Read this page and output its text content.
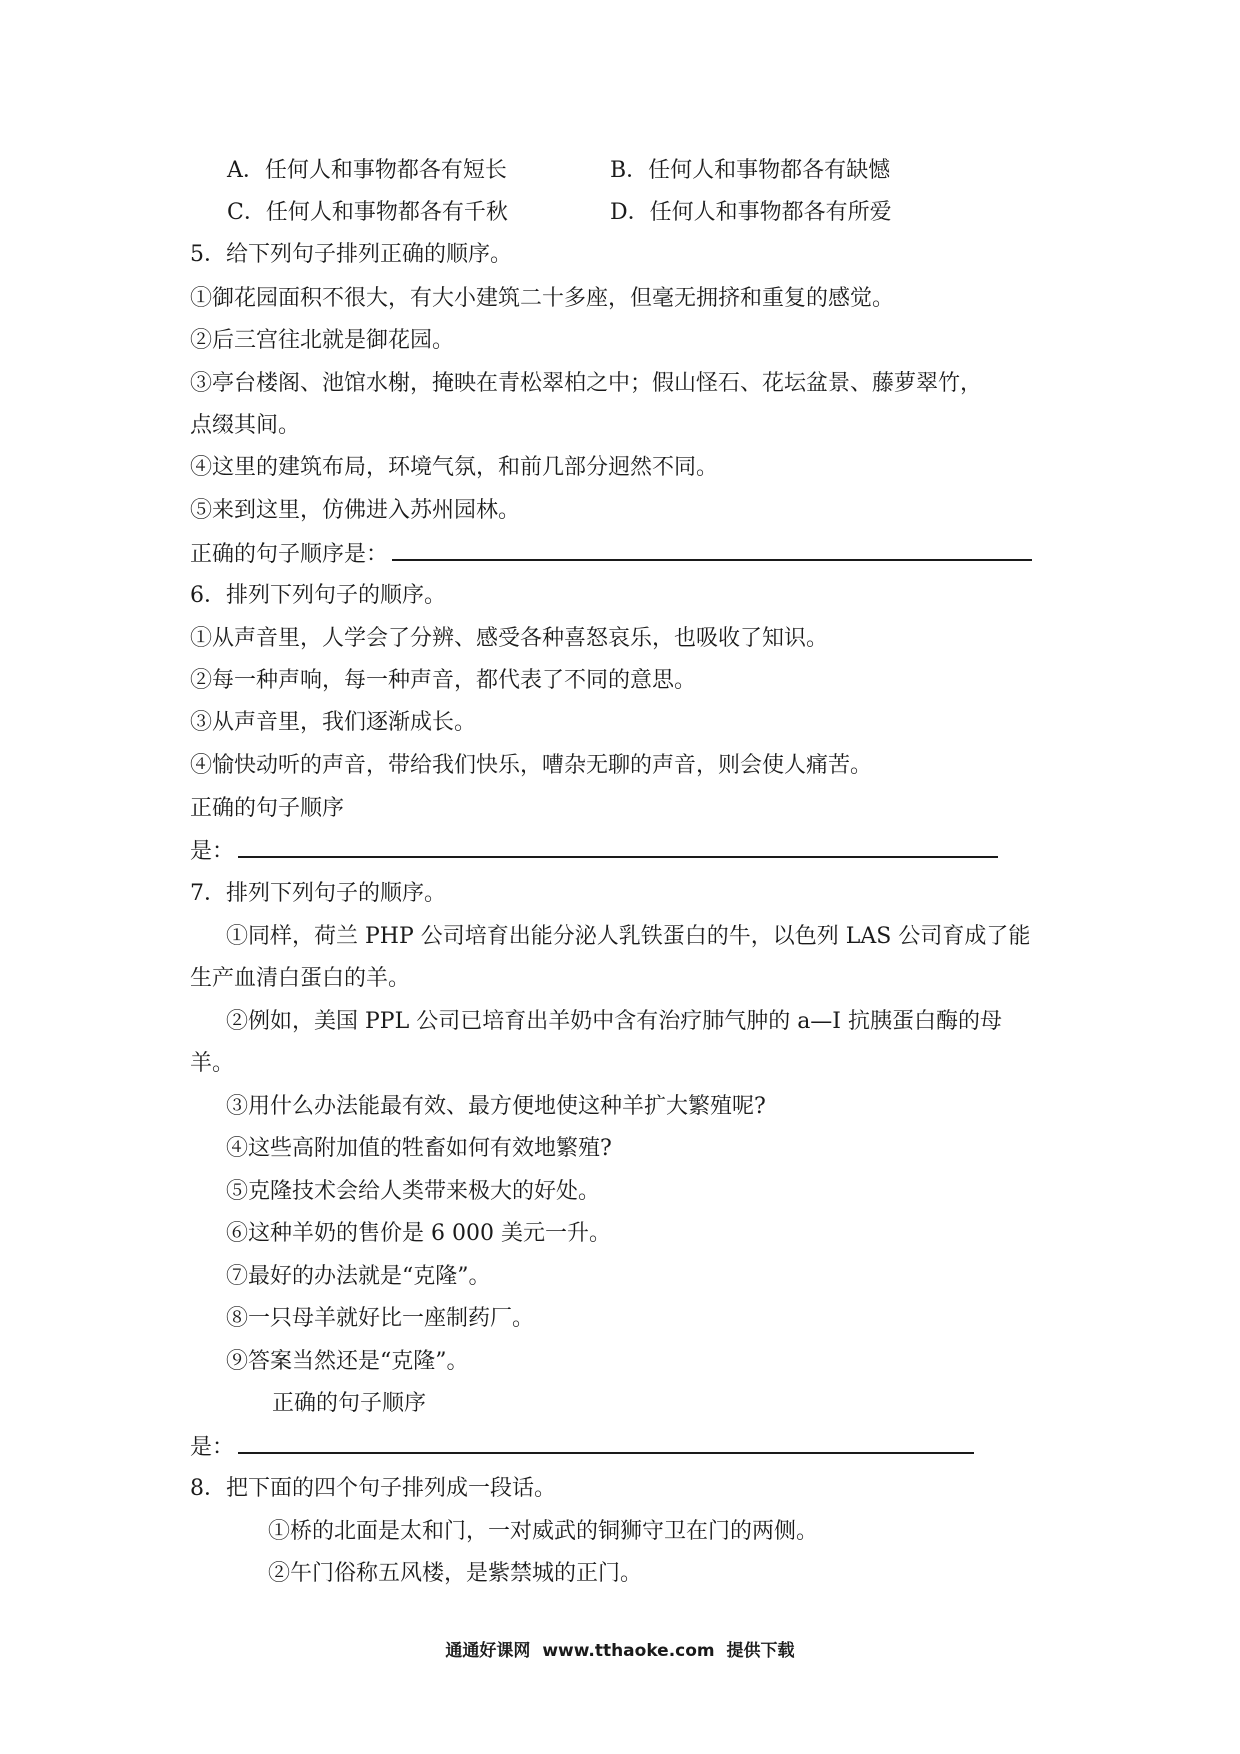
A．任何人和事物都各有短长	B．任何人和事物都各有缺憾
C．任何人和事物都各有千秋	D．任何人和事物都各有所爱
5．给下列句子排列正确的顺序。
①御花园面积不很大，有大小建筑二十多座，但毫无拥挤和重复的感觉。
②后三宫往北就是御花园。
③亭台楼阁、池馆水榭，掩映在青松翠柏之中；假山怪石、花坛盆景、藤萝翠竹，
点缀其间。
④这里的建筑布局，环境气氛，和前几部分迥然不同。
⑤来到这里，仿佛进入苏州园林。
正确的句子顺序是：
6．排列下列句子的顺序。
①从声音里，人学会了分辨、感受各种喜怒哀乐，也吸收了知识。
②每一种声响，每一种声音，都代表了不同的意思。
③从声音里，我们逐渐成长。
④愉快动听的声音，带给我们快乐，嘈杂无聊的声音，则会使人痛苦。
正确的句子顺序
是：
7．排列下列句子的顺序。
①同样，荷兰 PHP 公司培育出能分泌人乳铁蛋白的牛，以色列 LAS 公司育成了能
生产血清白蛋白的羊。
②例如，美国 PPL 公司已培育出羊奶中含有治疗肺气肿的 a—I 抗胰蛋白酶的母
羊。
③用什么办法能最有效、最方便地使这种羊扩大繁殖呢?
④这些高附加值的牲畜如何有效地繁殖?
⑤克隆技术会给人类带来极大的好处。
⑥这种羊奶的售价是 6 000 美元一升。
⑦最好的办法就是“克隆”。
⑧一只母羊就好比一座制药厂。
⑨答案当然还是“克隆”。
正确的句子顺序
是：
8．把下面的四个句子排列成一段话。
①桥的北面是太和门，一对威武的铜狮守卫在门的两侧。
②午门俗称五风楼，是紫禁城的正门。
通通好课网 www.tthaoke.com 提供下载
